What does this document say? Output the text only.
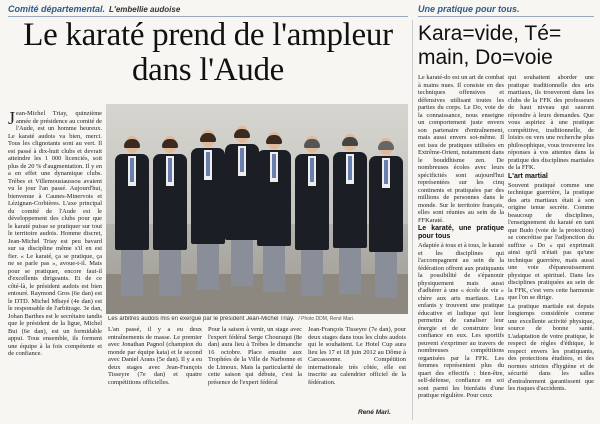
Comité départemental. L'embellie audoise	Une pratique pour tous.
Le karaté prend de l'ampleur dans l'Aude
Kara=vide, Té= main, Do=voie

Jean-Michel Triay, quinzième année de présidence au comité de l'Aude, est un homme heureux. Le karaté audois va bien, merci. Tous les clignotants sont au vert. Il est passé à dix-huit clubs et devrait atteindre les 1 000 licenciés, soit plus de 20 % d'augmentation. Il y en a en effet une dynamique clubs. Trèbes et Villemoustaussou avaient vu le jour l'an passé. Aujourd'hui, bienvenue à Caunes-Minervois et Lézignan-Corbières. L'axe principal du comité de l'Aude est le développement des clubs pour que le karaté puisse se pratiquer sur tout le territoire audois. Homme discret, Jean-Michel Triay est peu bavard sur sa discipline même s'il en est fier. « Le karaté, ça se pratique, ça ne se parle pas », avoue-t-il. Mais pour se pratiquer, encore faut-il d'excellents dirigeants. Et de ce côté-là, le président audois est bien entouré. Raymond Gros (6e dan) est le DTD. Michel Mbayé (4e dan) est le responsable de l'arbitrage. 3e dan, Johan Barthes est le secrétaire tandis que le président de la ligue, Michel Bui (6e dan), est un formidable appui. Tous ensemble, ils forment une équipe à la fois compétente et de confiance.

Les arbitres audois mis en exergue par le président Jean-Michel Triay. / Photo DDM, René Mari.

L'an passé, il y a eu deux entraînements de masse. Le premier avec Jonathan Pagnol (champion du monde par équipe kata) et le second avec Daniel Arans (5e dan). Il y a eu deux stages avec Jean-François Tisseyre (7e dan) et quatre compétitions officielles.

Pour la saison à venir, un stage avec l'expert fédéral Serge Chouraqui (8e dan) aura lieu à Trèbes le dimanche 16 octobre. Place ensuite aux Trophées de la Ville de Narbonne et de Limoux. Mais la particularité de cette saison qui débute, c'est la présence de l'expert fédéral

Jean-François Tisseyre (7e dan), pour deux stages dans tous les clubs audois qui le souhaitent. Le Hotel Cup aura lieu les 17 et 18 juin 2012 au Dôme à Carcassonne. Compétition internationale très côtée, elle est inscrite au calendrier officiel de la fédération.

René Mari.

Le karaté-do est un art de combat à mains nues. Il consiste en des techniques offensives et défensives utilisant toutes les parties du corps. Le Do, voie de la connaissance, nous enseigne un comportement juste envers son partenaire d'entraînement, mais aussi envers soi-même. Il est issu de pratiques utilisées en Extrême-Orient, notamment dans le bouddhisme zen. De nombreuses écoles avec leurs spécificités sont aujourd'hui représentées sur les cinq continents et pratiquées par des millions de personnes dans le monde. Sur le territoire français, elles sont réunies au sein de la FFKaraté.

Le karaté, une pratique pour tous

Adaptée à tous et à tous, le karaté et les disciplines qui l'accompagnent au sein de la fédération offrent aux pratiquants la possibilité de s'épanouir physiquement mais aussi d'adhérer à une « école de vie » chère aux arts martiaux. Les enfants y trouvent une pratique éducative et ludique qui leur permettra de canaliser leur énergie et de construire leur confiance en eux. Les sportifs peuvent s'exprimer au travers de nombreuses compétitions organisées par la FFK. Les femmes représentent plus du quart des effectifs : bien-être, self-défense, confiance en soi sont parmi les bienfaits d'une pratique régulière. Pour ceux

qui souhaitent aborder une pratique traditionnelle des arts martiaux, ils trouveront dans les clubs de la FFK des professeurs de haut niveau qui sauront répondre à leurs demandes. Que vous aspiriez à une pratique compétitive, traditionnelle, de loisirs ou vers une recherche plus philosophique, vous trouverez les réponses à vos attentes dans la pratique des disciplines martiales de la FFK.

L'art martial

Souvent pratiqué comme une technique guerrière, la pratique des arts martiaux était à son origine tenue secrète. Comme beaucoup de disciplines, l'enseignement du karaté en tant que Budo (voie de la protection) se concrétise par l'adjonction du suffixe « Do » qui exprimait ainsi qu'il n'était pas qu'une technique guerrière, mais aussi une voie d'épanouissement physique et spirituel. Dans les disciplines pratiquées au sein de la FFK, c'est vers cette harmonie que l'on se dirige.

La pratique martiale est depuis longtemps considérée comme une excellente activité physique, source de bonne santé. L'adaptation de votre pratique, le respect de règles d'éthique, le respect envers les pratiquants, des protections étudiées, et des normes strictes d'hygiène et de sécurité dans les salles d'entraînement garantissent que les risques d'accidents.
